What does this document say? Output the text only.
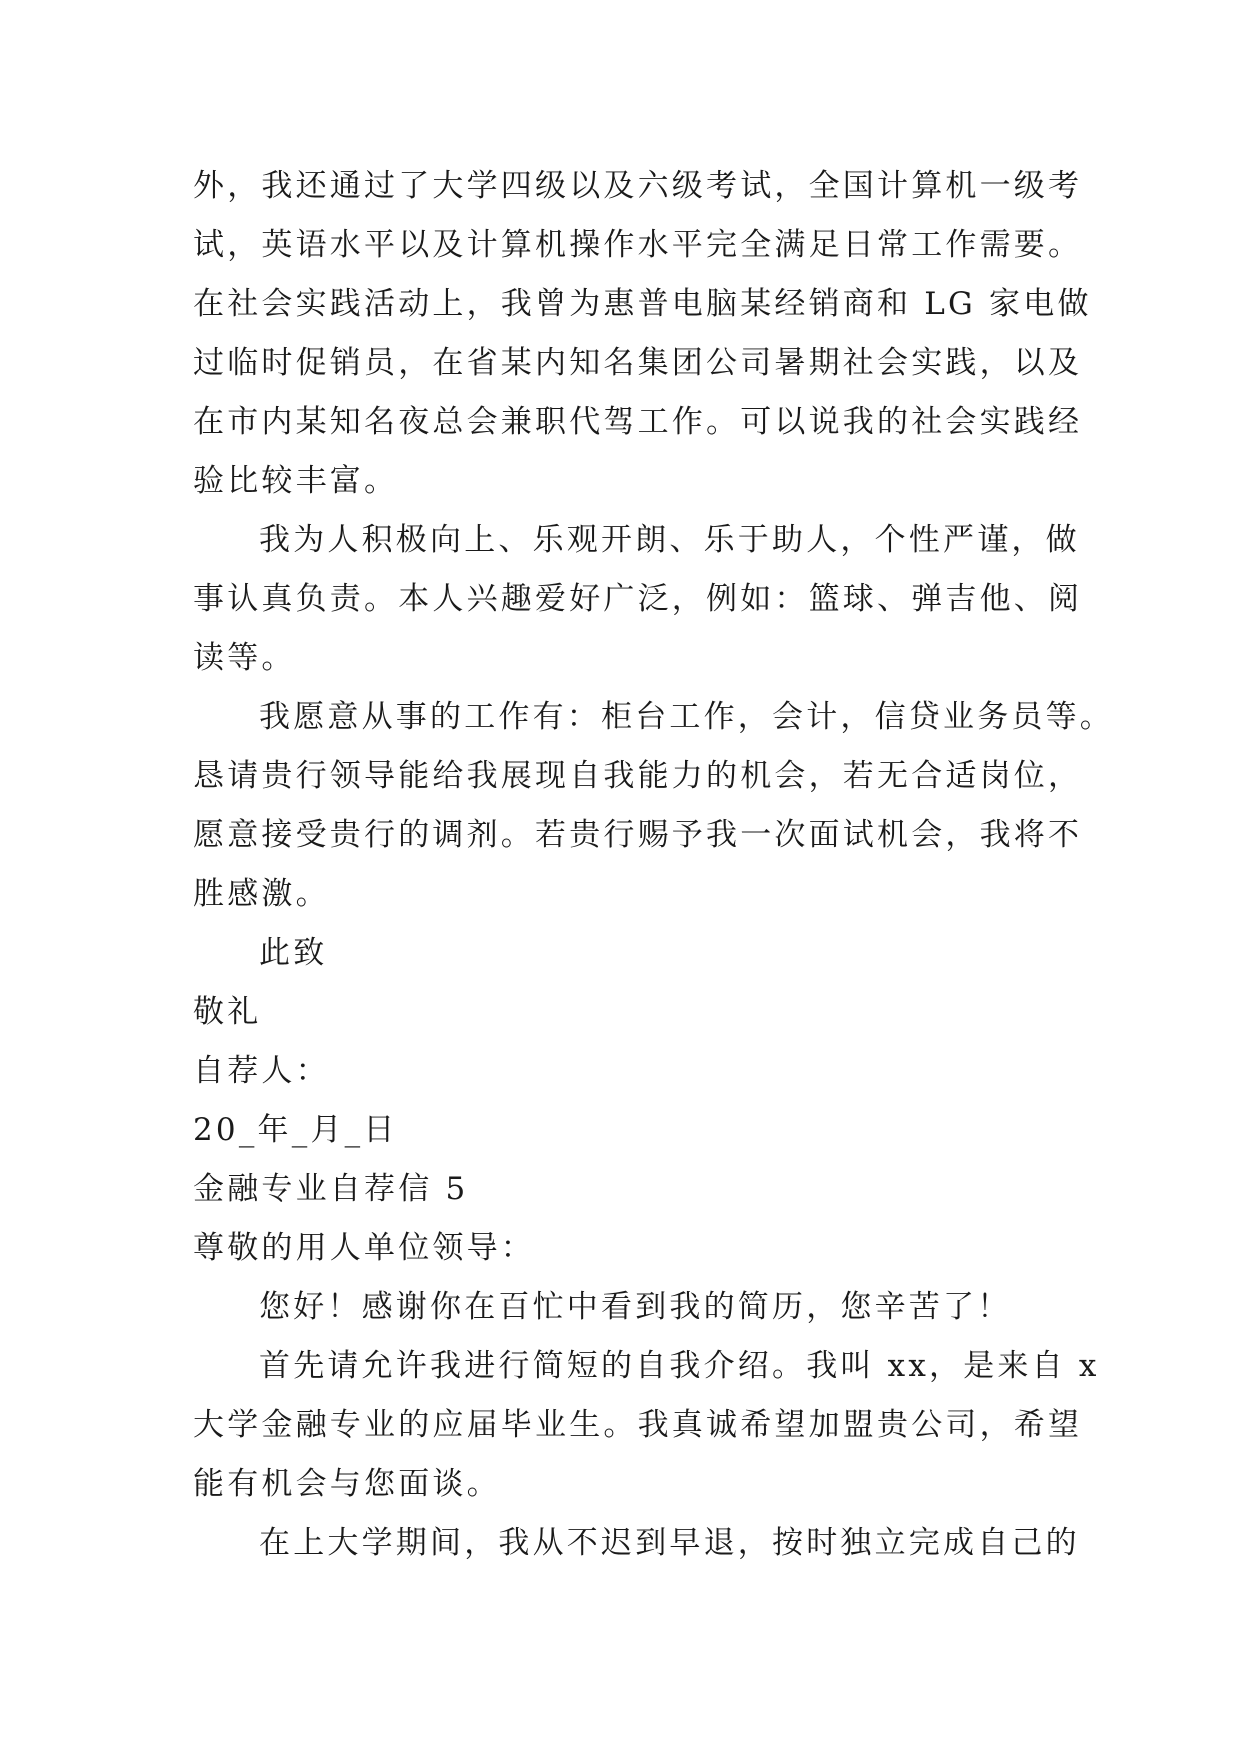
外，我还通过了大学四级以及六级考试，全国计算机一级考
试，英语水平以及计算机操作水平完全满足日常工作需要。
在社会实践活动上，我曾为惠普电脑某经销商和 LG 家电做
过临时促销员，在省某内知名集团公司暑期社会实践，以及
在市内某知名夜总会兼职代驾工作。可以说我的社会实践经
验比较丰富。
我为人积极向上、乐观开朗、乐于助人，个性严谨，做
事认真负责。本人兴趣爱好广泛，例如：篮球、弹吉他、阅
读等。
我愿意从事的工作有：柜台工作，会计，信贷业务员等。
恳请贵行领导能给我展现自我能力的机会，若无合适岗位，
愿意接受贵行的调剂。若贵行赐予我一次面试机会，我将不
胜感激。
此致
敬礼
自荐人：
20_年_月_日
金融专业自荐信 5
尊敬的用人单位领导：
您好！感谢你在百忙中看到我的简历，您辛苦了！
首先请允许我进行简短的自我介绍。我叫 xx，是来自 x
大学金融专业的应届毕业生。我真诚希望加盟贵公司，希望
能有机会与您面谈。
在上大学期间，我从不迟到早退，按时独立完成自己的
